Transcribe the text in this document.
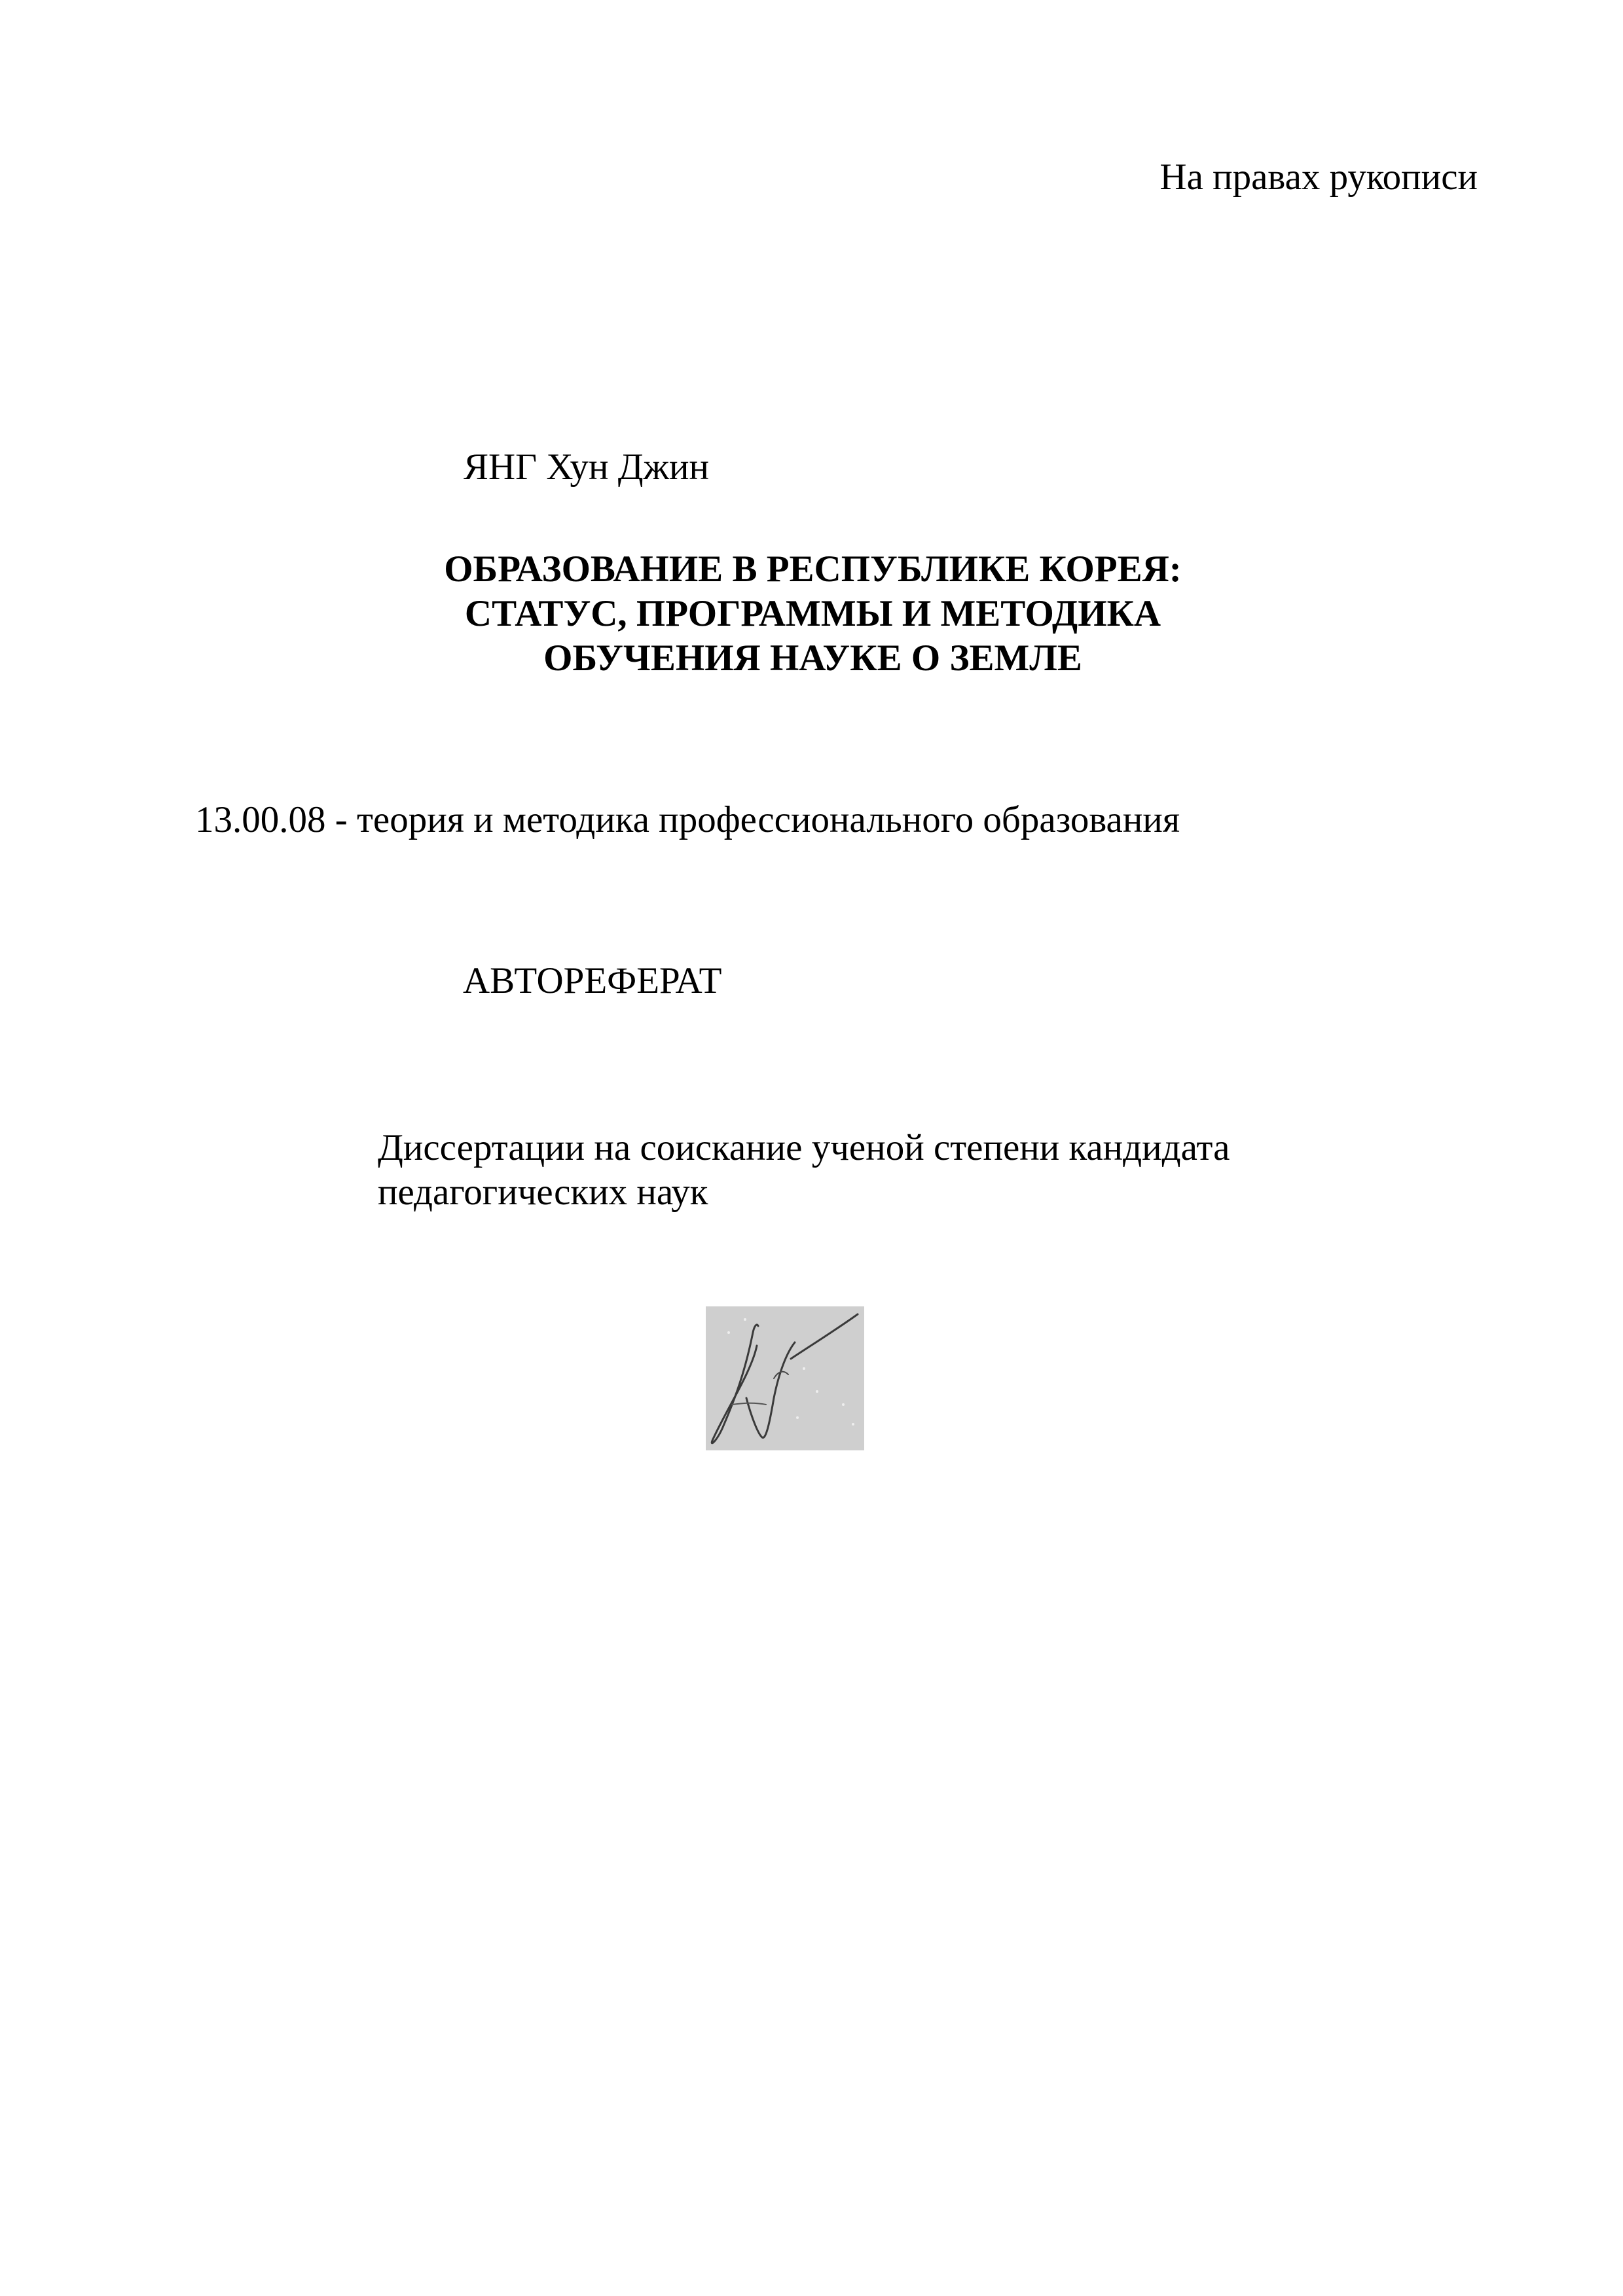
На правах рукописи
ЯНГ Хун Джин
ОБРАЗОВАНИЕ В РЕСПУБЛИКЕ КОРЕЯ:
СТАТУС, ПРОГРАММЫ И МЕТОДИКА
ОБУЧЕНИЯ НАУКЕ О ЗЕМЛЕ
13.00.08 - теория и методика профессионального образования
АВТОРЕФЕРАТ
Диссертации на соискание ученой степени кандидата
педагогических наук
